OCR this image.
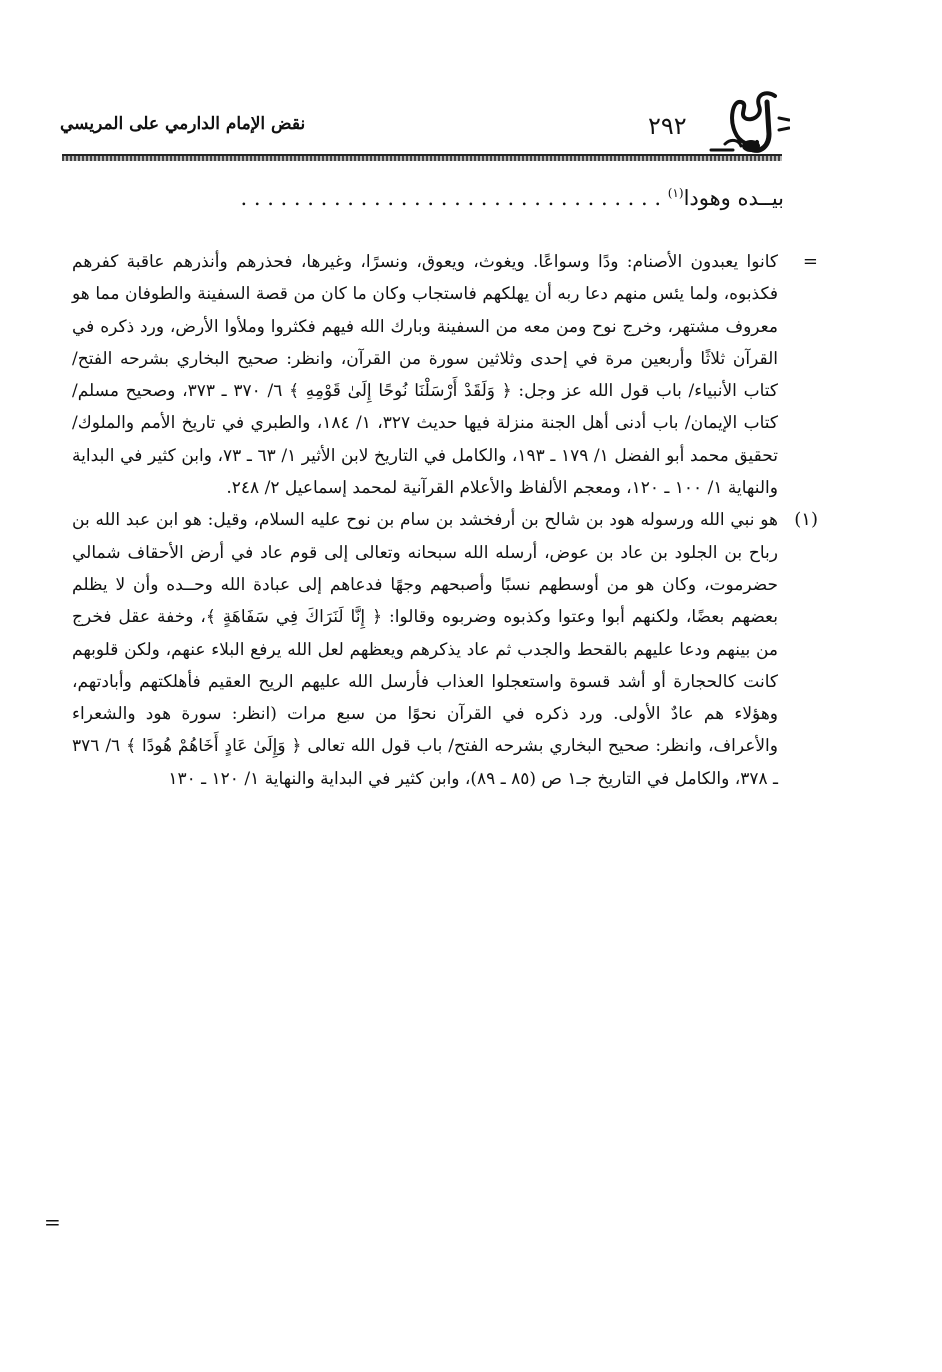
نقض الإمام الدارمي على المريسي	٢٩٢
بيــده وهودا$^{(١)}$ . . . . . . . . . . . . . . . . . . . . . . . . . . . . . . . .
=

كانوا يعبدون الأصنام: ودًا وسواعًا. ويغوث، ويعوق، ونسرًا، وغيرها، فحذرهم وأنذرهم عاقبة كفرهم فكذبوه، ولما يئس منهم دعا ربه أن يهلكهم فاستجاب وكان ما كان من قصة السفينة والطوفان مما هو معروف مشتهر، وخرج نوح ومن معه من السفينة وبارك الله فيهم فكثروا وملأوا الأرض، ورد ذكره في القرآن ثلاثًا وأربعين مرة في إحدى وثلاثين سورة من القرآن، وانظر: صحيح البخاري بشرحه الفتح/ كتاب الأنبياء/ باب قول الله عز وجل: ﴿ وَلَقَدْ أَرْسَلْنَا نُوحًا إِلَىٰ قَوْمِهِ ﴾ ٦/ ٣٧٠ ـ ٣٧٣، وصحيح مسلم/ كتاب الإيمان/ باب أدنى أهل الجنة منزلة فيها حديث ٣٢٧، ١/ ١٨٤، والطبري في تاريخ الأمم والملوك/ تحقيق محمد أبو الفضل ١/ ١٧٩ ـ ١٩٣، والكامل في التاريخ لابن الأثير ١/ ٦٣ ـ ٧٣، وابن كثير في البداية والنهاية ١/ ١٠٠ ـ ١٢٠، ومعجم الألفاظ والأعلام القرآنية لمحمد إسماعيل ٢/ ٢٤٨.

(١)

هو نبي الله ورسوله هود بن شالح بن أرفخشد بن سام بن نوح عليه السلام، وقيل: هو ابن عبد الله بن رباح بن الجلود بن عاد بن عوض، أرسله الله سبحانه وتعالى إلى قوم عاد في أرض الأحقاف شمالي حضرموت، وكان هو من أوسطهم نسبًا وأصبحهم وجهًا فدعاهم إلى عبادة الله وحــده وأن لا يظلم بعضهم بعضًا، ولكنهم أبوا وعتوا وكذبوه وضربوه وقالوا: ﴿ إِنَّا لَنَرَاكَ فِي سَفَاهَةٍ ﴾، وخفة عقل فخرج من بينهم ودعا عليهم بالقحط والجدب ثم عاد يذكرهم ويعظهم لعل الله يرفع البلاء عنهم، ولكن قلوبهم كانت كالحجارة أو أشد قسوة واستعجلوا العذاب فأرسل الله عليهم الريح العقيم فأهلكتهم وأبادتهم، وهؤلاء هم عادٌ الأولى. ورد ذكره في القرآن نحوًا من سبع مرات (انظر: سورة هود والشعراء والأعراف، وانظر: صحيح البخاري بشرحه الفتح/ باب قول الله تعالى ﴿ وَإِلَىٰ عَادٍ أَخَاهُمْ هُودًا ﴾ ٦/ ٣٧٦ ـ ٣٧٨، والكامل في التاريخ جـ١ ص (٨٥ ـ ٨٩)، وابن كثير في البداية والنهاية ١/ ١٢٠ ـ ١٣٠

=
